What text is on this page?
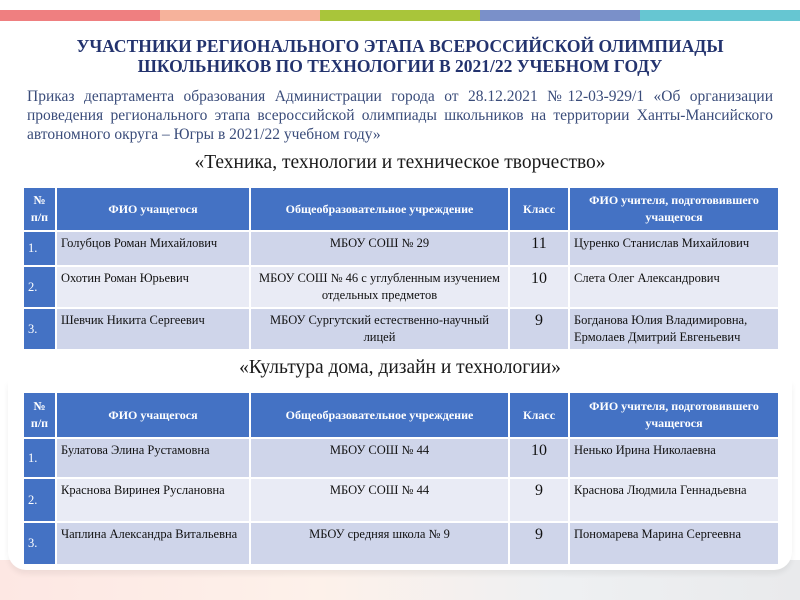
УЧАСТНИКИ РЕГИОНАЛЬНОГО ЭТАПА ВСЕРОССИЙСКОЙ ОЛИМПИАДЫ
ШКОЛЬНИКОВ ПО ТЕХНОЛОГИИ В 2021/22 УЧЕБНОМ ГОДУ
Приказ департамента образования Администрации города от 28.12.2021 №12-03-929/1 «Об организации проведения регионального этапа всероссийской олимпиады школьников на территории Ханты-Мансийского автономного округа – Югры в 2021/22 учебном году»
«Техника, технологии и техническое творчество»
№ п/п	ФИО учащегося	Общеобразовательное учреждение	Класс	ФИО учителя, подготовившего учащегося
1.	Голубцов Роман Михайлович	МБОУ СОШ № 29	11	Цуренко Станислав Михайлович
2.	Охотин Роман Юрьевич	МБОУ СОШ № 46 с углубленным изучением отдельных предметов	10	Слета Олег Александрович
3.	Шевчик Никита Сергеевич	МБОУ Сургутский естественно-научный лицей	9	Богданова Юлия Владимировна, Ермолаев Дмитрий Евгеньевич
«Культура дома, дизайн и технологии»
№ п/п	ФИО учащегося	Общеобразовательное учреждение	Класс	ФИО учителя, подготовившего учащегося
1.	Булатова Элина Рустамовна	МБОУ СОШ № 44	10	Ненько Ирина Николаевна
2.	Краснова Виринея Руслановна	МБОУ СОШ № 44	9	Краснова Людмила Геннадьевна
3.	Чаплина Александра Витальевна	МБОУ средняя школа № 9	9	Пономарева Марина Сергеевна
